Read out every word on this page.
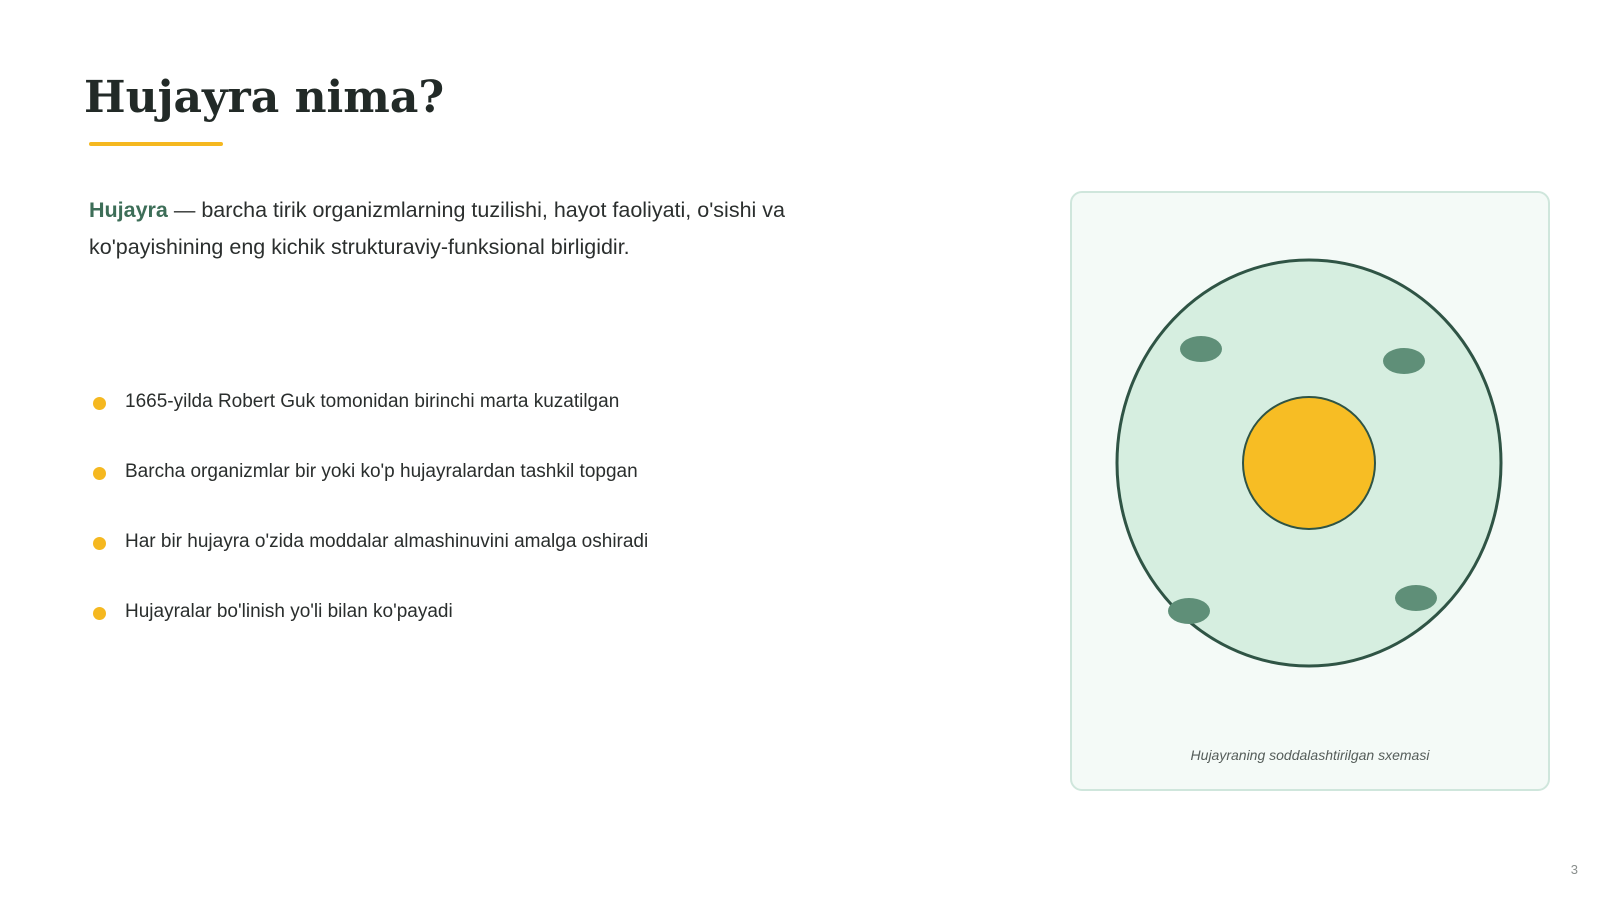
Hujayra nima?

Hujayra — barcha tirik organizmlarning tuzilishi, hayot faoliyati, o'sishi va ko'payishining eng kichik strukturaviy-funksional birligidir.

1665-yilda Robert Guk tomonidan birinchi marta kuzatilgan
Barcha organizmlar bir yoki ko'p hujayralardan tashkil topgan
Har bir hujayra o'zida moddalar almashinuvini amalga oshiradi
Hujayralar bo'linish yo'li bilan ko'payadi
Hujayraning soddalashtirilgan sxemasi
3
